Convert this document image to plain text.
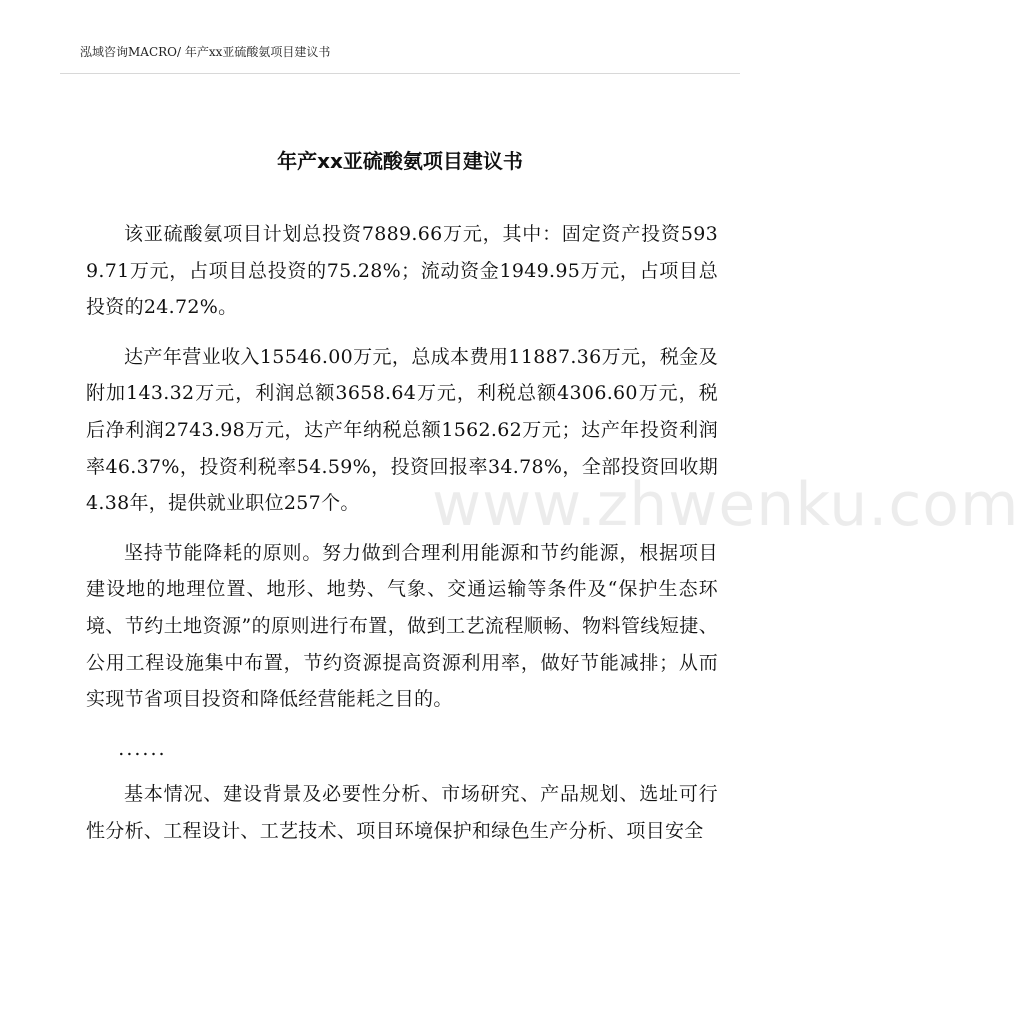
泓域咨询MACRO/ 年产xx亚硫酸氨项目建议书
年产xx亚硫酸氨项目建议书

该亚硫酸氨项目计划总投资7889.66万元，其中：固定资产投资5939.71万元，占项目总投资的75.28%；流动资金1949.95万元，占项目总投资的24.72%。

达产年营业收入15546.00万元，总成本费用11887.36万元，税金及附加143.32万元，利润总额3658.64万元，利税总额4306.60万元，税后净利润2743.98万元，达产年纳税总额1562.62万元；达产年投资利润率46.37%，投资利税率54.59%，投资回报率34.78%，全部投资回收期4.38年，提供就业职位257个。

坚持节能降耗的原则。努力做到合理利用能源和节约能源，根据项目建设地的地理位置、地形、地势、气象、交通运输等条件及“保护生态环境、节约土地资源”的原则进行布置，做到工艺流程顺畅、物料管线短捷、公用工程设施集中布置，节约资源提高资源利用率，做好节能减排；从而实现节省项目投资和降低经营能耗之目的。

......

基本情况、建设背景及必要性分析、市场研究、产品规划、选址可行性分析、工程设计、工艺技术、项目环境保护和绿色生产分析、项目安全

www.zhwenku.com
